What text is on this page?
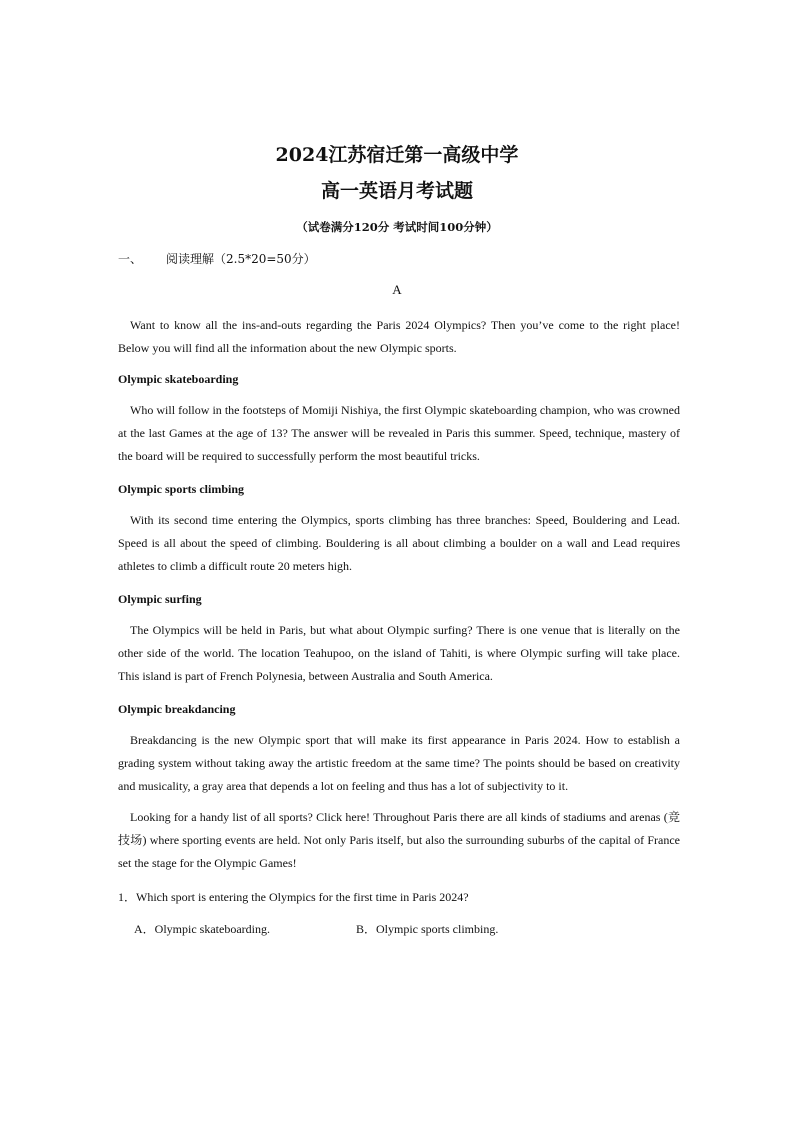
2024江苏宿迁第一高级中学
高一英语月考试题
（试卷满分120分 考试时间100分钟）
一、 阅读理解（2.5*20=50分）
A
Want to know all the ins-and-outs regarding the Paris 2024 Olympics? Then you’ve come to the right place! Below you will find all the information about the new Olympic sports.
Olympic skateboarding
Who will follow in the footsteps of Momiji Nishiya, the first Olympic skateboarding champion, who was crowned at the last Games at the age of 13? The answer will be revealed in Paris this summer. Speed, technique, mastery of the board will be required to successfully perform the most beautiful tricks.
Olympic sports climbing
With its second time entering the Olympics, sports climbing has three branches: Speed, Bouldering and Lead. Speed is all about the speed of climbing. Bouldering is all about climbing a boulder on a wall and Lead requires athletes to climb a difficult route 20 meters high.
Olympic surfing
The Olympics will be held in Paris, but what about Olympic surfing? There is one venue that is literally on the other side of the world. The location Teahupoo, on the island of Tahiti, is where Olympic surfing will take place. This island is part of French Polynesia, between Australia and South America.
Olympic breakdancing
Breakdancing is the new Olympic sport that will make its first appearance in Paris 2024. How to establish a grading system without taking away the artistic freedom at the same time? The points should be based on creativity and musicality, a gray area that depends a lot on feeling and thus has a lot of subjectivity to it.
Looking for a handy list of all sports? Click here! Throughout Paris there are all kinds of stadiums and arenas (竞技场) where sporting events are held. Not only Paris itself, but also the surrounding suburbs of the capital of France set the stage for the Olympic Games!
1．Which sport is entering the Olympics for the first time in Paris 2024?
A．Olympic skateboarding.	B．Olympic sports climbing.
